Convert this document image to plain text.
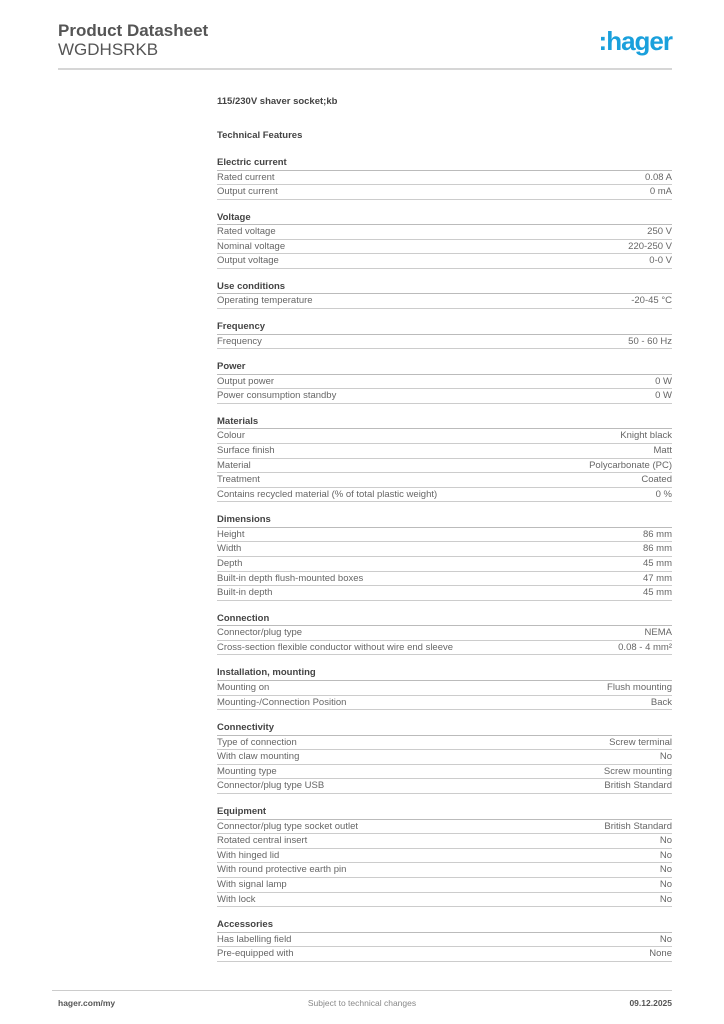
Product Datasheet
WGDHSRKB	:hager
115/230V shaver socket;kb
Technical Features
Electric current
Rated current	0.08 A
Output current	0 mA
Voltage
Rated voltage	250 V
Nominal voltage	220-250 V
Output voltage	0-0 V
Use conditions
Operating temperature	-20-45 °C
Frequency
Frequency	50 - 60 Hz
Power
Output power	0 W
Power consumption standby	0 W
Materials
Colour	Knight black
Surface finish	Matt
Material	Polycarbonate (PC)
Treatment	Coated
Contains recycled material (% of total plastic weight)	0 %
Dimensions
Height	86 mm
Width	86 mm
Depth	45 mm
Built-in depth flush-mounted boxes	47 mm
Built-in depth	45 mm
Connection
Connector/plug type	NEMA
Cross-section flexible conductor without wire end sleeve	0.08 - 4 mm²
Installation, mounting
Mounting on	Flush mounting
Mounting-/Connection Position	Back
Connectivity
Type of connection	Screw terminal
With claw mounting	No
Mounting type	Screw mounting
Connector/plug type USB	British Standard
Equipment
Connector/plug type socket outlet	British Standard
Rotated central insert	No
With hinged lid	No
With round protective earth pin	No
With signal lamp	No
With lock	No
Accessories
Has labelling field	No
Pre-equipped with	None
hager.com/my	Subject to technical changes	09.12.2025
